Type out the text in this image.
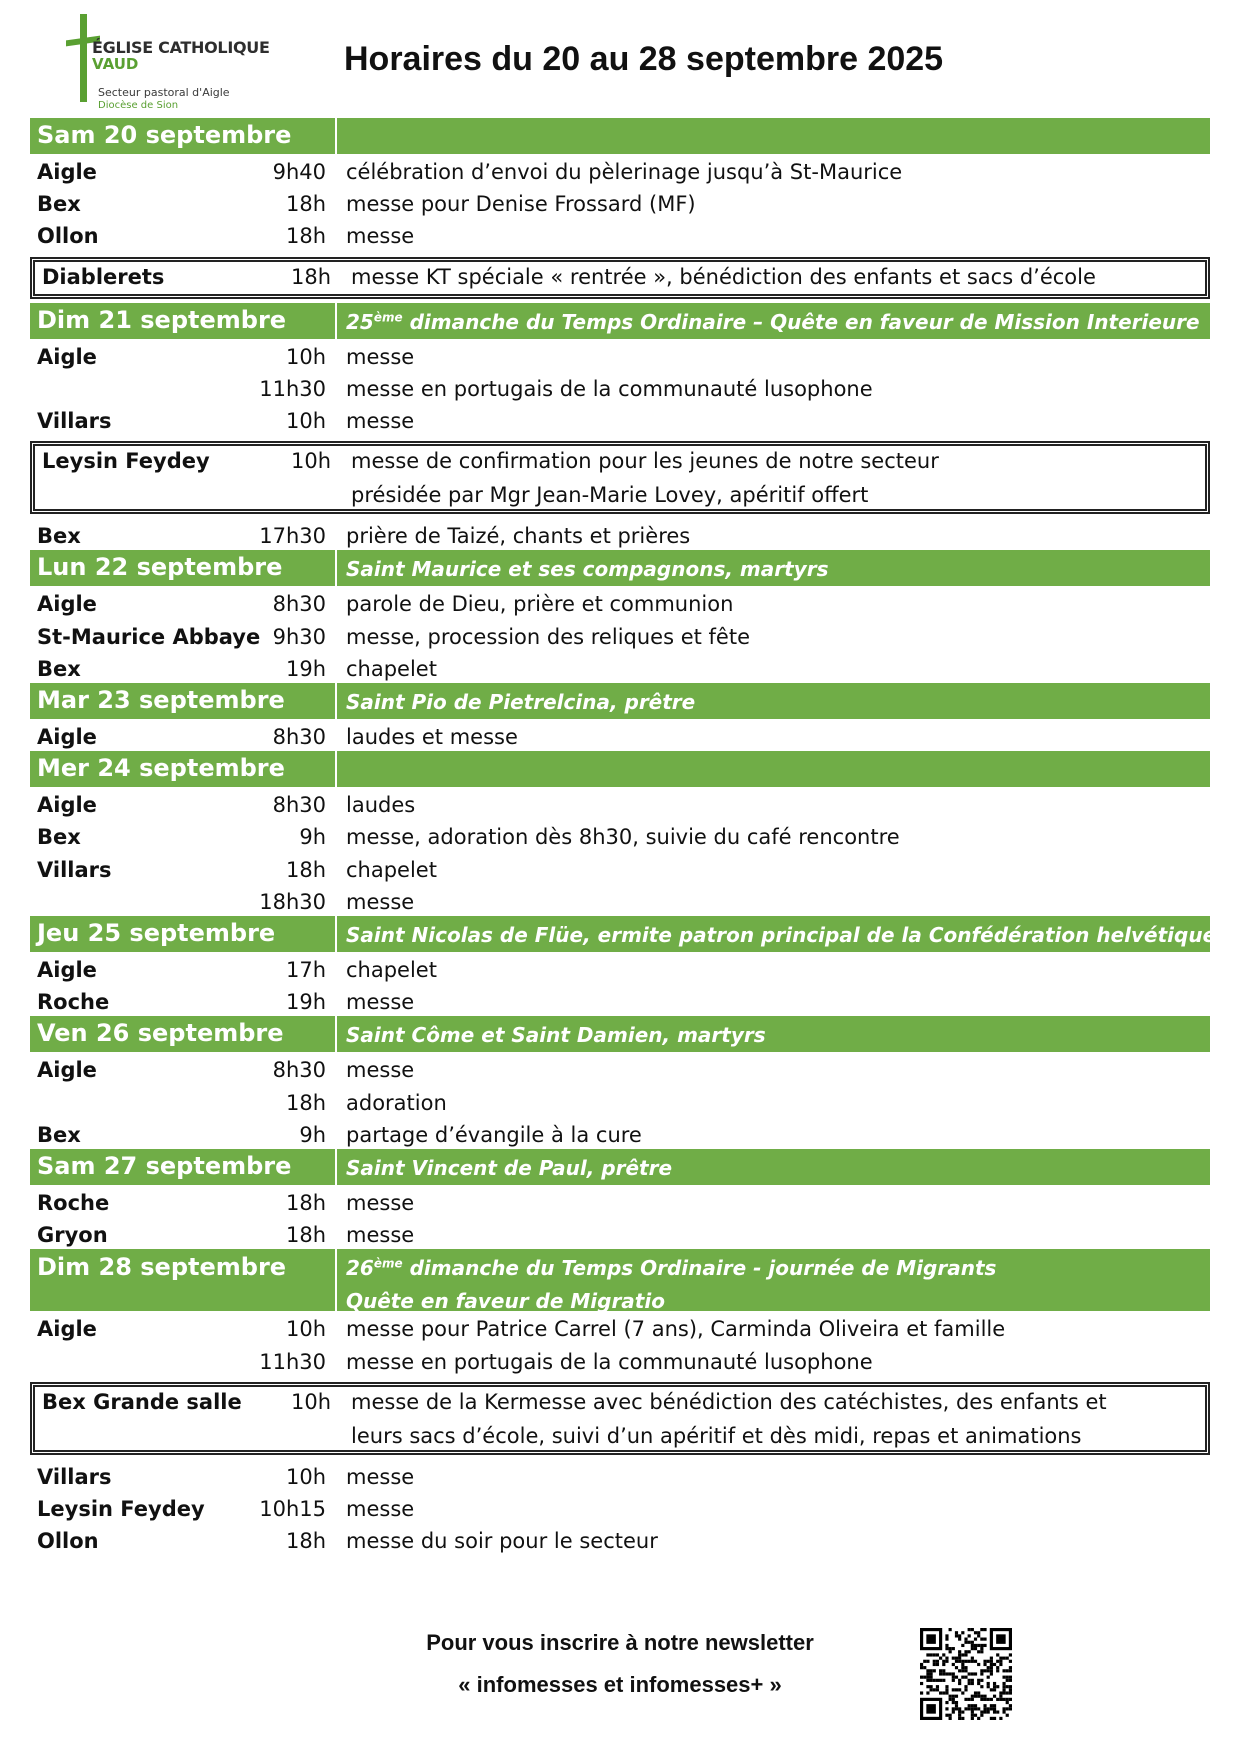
ÉGLISE CATHOLIQUE
VAUD
Secteur pastoral d'Aigle
Diocèse de Sion
Horaires du 20 au 28 septembre 2025
Sam 20 septembre
Aigle	9h40 célébration d’envoi du pèlerinage jusqu’à St-Maurice
Bex	18h messe pour Denise Frossard (MF)
Ollon	18h messe
Diablerets	18h messe KT spéciale « rentrée », bénédiction des enfants et sacs d’école
Dim 21 septembre	25ème dimanche du Temps Ordinaire – Quête en faveur de Mission Interieure
Aigle	10h messe
11h30 messe en portugais de la communauté lusophone
Villars	10h messe
Leysin Feydey	10h messe de confirmation pour les jeunes de notre secteur
présidée par Mgr Jean-Marie Lovey, apéritif offert
Bex	17h30 prière de Taizé, chants et prières
Lun 22 septembre	Saint Maurice et ses compagnons, martyrs
Aigle	8h30 parole de Dieu, prière et communion
St-Maurice Abbaye 9h30 messe, procession des reliques et fête
Bex	19h chapelet
Mar 23 septembre	Saint Pio de Pietrelcina, prêtre
Aigle	8h30 laudes et messe
Mer 24 septembre
Aigle	8h30 laudes
Bex	9h messe, adoration dès 8h30, suivie du café rencontre
Villars	18h chapelet
18h30 messe
Jeu 25 septembre	Saint Nicolas de Flüe, ermite patron principal de la Confédération helvétique
Aigle	17h chapelet
Roche	19h messe
Ven 26 septembre	Saint Côme et Saint Damien, martyrs
Aigle	8h30 messe
18h adoration
Bex	9h partage d’évangile à la cure
Sam 27 septembre	Saint Vincent de Paul, prêtre
Roche	18h messe
Gryon	18h messe
Dim 28 septembre	26ème dimanche du Temps Ordinaire - journée de Migrants
Quête en faveur de Migratio
Aigle	10h messe pour Patrice Carrel (7 ans), Carminda Oliveira et famille
11h30 messe en portugais de la communauté lusophone
Bex Grande salle	10h messe de la Kermesse avec bénédiction des catéchistes, des enfants et
leurs sacs d’école, suivi d’un apéritif et dès midi, repas et animations
Villars	10h messe
Leysin Feydey	10h15 messe
Ollon	18h messe du soir pour le secteur
Pour vous inscrire à notre newsletter
« infomesses et infomesses+ »
